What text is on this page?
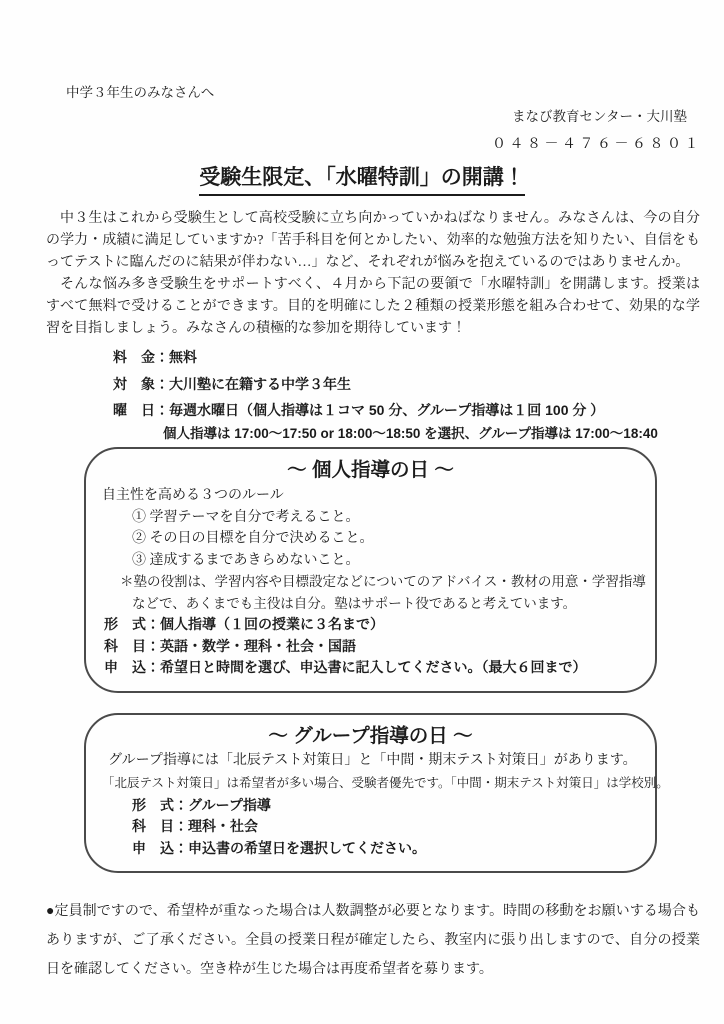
中学３年生のみなさんへ
まなび教育センター・大川塾
０４８－４７６－６８０１
受験生限定、「水曜特訓」の開講！

中３生はこれから受験生として高校受験に立ち向かっていかねばなりません。みなさんは、今の自分の学力・成績に満足していますか?「苦手科目を何とかしたい、効率的な勉強方法を知りたい、自信をもってテストに臨んだのに結果が伴わない…」など、それぞれが悩みを抱えているのではありませんか。

そんな悩み多き受験生をサポートすべく、４月から下記の要領で「水曜特訓」を開講します。授業はすべて無料で受けることができます。目的を明確にした２種類の授業形態を組み合わせて、効果的な学習を目指しましょう。みなさんの積極的な参加を期待しています！

料　金：無料
対　象：大川塾に在籍する中学３年生
曜　日：毎週水曜日（個人指導は１コマ 50 分、グループ指導は１回 100 分 ）
個人指導は 17:00～17:50 or 18:00～18:50 を選択、グループ指導は 17:00～18:40
～ 個人指導の日 ～
自主性を高める３つのルール
① 学習テーマを自分で考えること。
② その日の目標を自分で決めること。
③ 達成するまであきらめないこと。
＊塾の役割は、学習内容や目標設定などについてのアドバイス・教材の用意・学習指導
などで、あくまでも主役は自分。塾はサポート役であると考えています。
形　式：個人指導（１回の授業に３名まで）
科　目：英語・数学・理科・社会・国語
申　込：希望日と時間を選び、申込書に記入してください。（最大６回まで）
～ グループ指導の日 ～
グループ指導には「北辰テスト対策日」と「中間・期末テスト対策日」があります。
「北辰テスト対策日」は希望者が多い場合、受験者優先です。「中間・期末テスト対策日」は学校別。
形　式：グループ指導
科　目：理科・社会
申　込：申込書の希望日を選択してください。
●定員制ですので、希望枠が重なった場合は人数調整が必要となります。時間の移動をお願いする場合もありますが、ご了承ください。全員の授業日程が確定したら、教室内に張り出しますので、自分の授業日を確認してください。空き枠が生じた場合は再度希望者を募ります。
